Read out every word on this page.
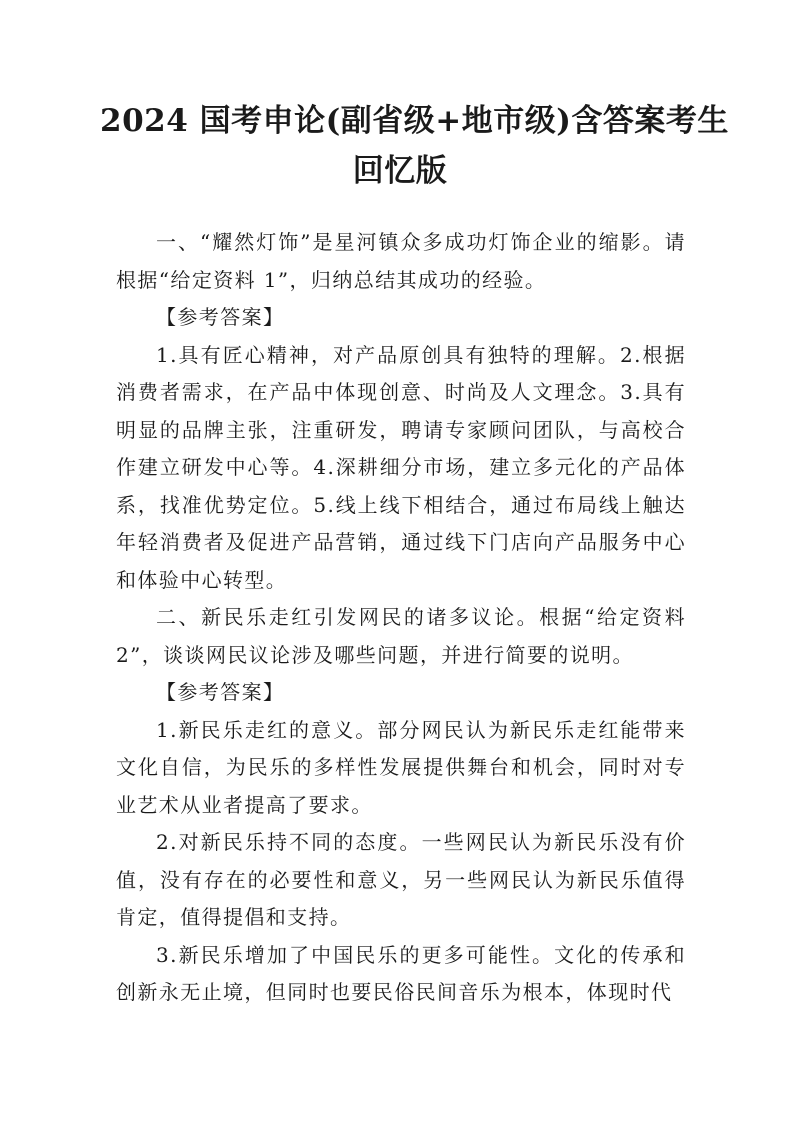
2024 国考申论(副省级+地市级)含答案考生
回忆版

一、“耀然灯饰”是星河镇众多成功灯饰企业的缩影。请根据“给定资料 1”，归纳总结其成功的经验。

【参考答案】

1.具有匠心精神，对产品原创具有独特的理解。2.根据消费者需求，在产品中体现创意、时尚及人文理念。3.具有明显的品牌主张，注重研发，聘请专家顾问团队，与高校合作建立研发中心等。4.深耕细分市场，建立多元化的产品体系，找准优势定位。5.线上线下相结合，通过布局线上触达年轻消费者及促进产品营销，通过线下门店向产品服务中心和体验中心转型。

二、新民乐走红引发网民的诸多议论。根据“给定资料 2”，谈谈网民议论涉及哪些问题，并进行简要的说明。

【参考答案】

1.新民乐走红的意义。部分网民认为新民乐走红能带来文化自信，为民乐的多样性发展提供舞台和机会，同时对专业艺术从业者提高了要求。

2.对新民乐持不同的态度。一些网民认为新民乐没有价值，没有存在的必要性和意义，另一些网民认为新民乐值得肯定，值得提倡和支持。

3.新民乐增加了中国民乐的更多可能性。文化的传承和创新永无止境，但同时也要民俗民间音乐为根本，体现时代
